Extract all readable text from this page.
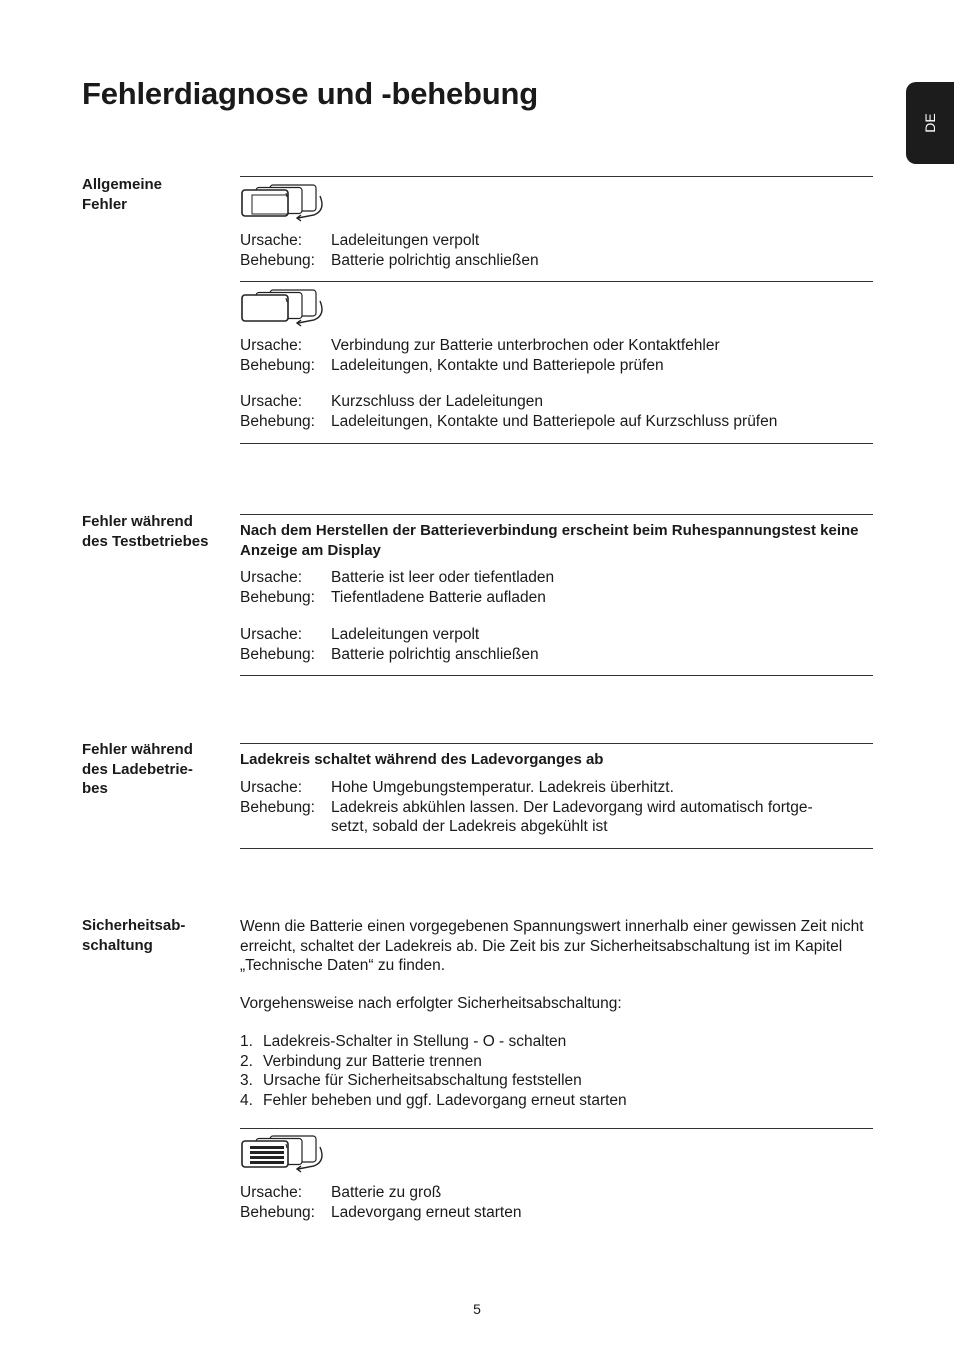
Fehlerdiagnose und -behebung
DE
Allgemeine Fehler
Ursache: Ladeleitungen verpolt
Behebung: Batterie polrichtig anschließen
Ursache: Verbindung zur Batterie unterbrochen oder Kontaktfehler
Behebung: Ladeleitungen, Kontakte und Batteriepole prüfen
Ursache: Kurzschluss der Ladeleitungen
Behebung: Ladeleitungen, Kontakte und Batteriepole auf Kurzschluss prüfen
Fehler während des Testbetriebes
Nach dem Herstellen der Batterieverbindung erscheint beim Ruhespannungstest keine Anzeige am Display
Ursache: Batterie ist leer oder tiefentladen
Behebung: Tiefentladene Batterie aufladen
Ursache: Ladeleitungen verpolt
Behebung: Batterie polrichtig anschließen
Fehler während des Ladebetrie-bes
Ladekreis schaltet während des Ladevorganges ab
Ursache: Hohe Umgebungstemperatur. Ladekreis überhitzt.
Behebung: Ladekreis abkühlen lassen. Der Ladevorgang wird automatisch fortge-setzt, sobald der Ladekreis abgekühlt ist
Sicherheitsab-schaltung
Wenn die Batterie einen vorgegebenen Spannungswert innerhalb einer gewissen Zeit nicht erreicht, schaltet der Ladekreis ab. Die Zeit bis zur Sicherheitsabschaltung ist im Kapitel „Technische Daten“ zu finden.
Vorgehensweise nach erfolgter Sicherheitsabschaltung:
1. Ladekreis-Schalter in Stellung - O - schalten
2. Verbindung zur Batterie trennen
3. Ursache für Sicherheitsabschaltung feststellen
4. Fehler beheben und ggf. Ladevorgang erneut starten
Ursache: Batterie zu groß
Behebung: Ladevorgang erneut starten
5
